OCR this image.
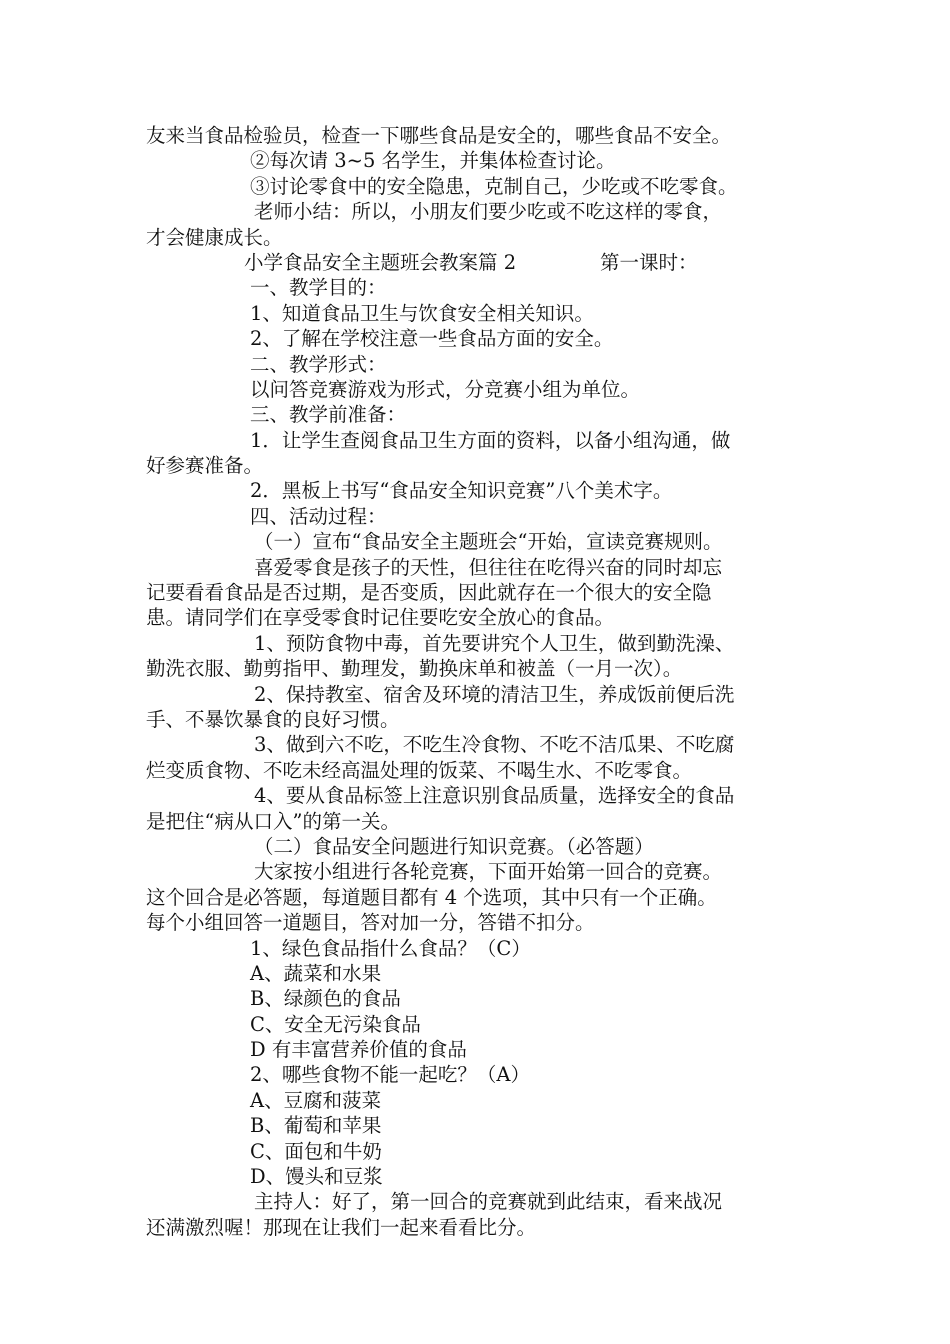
友来当食品检验员，检查一下哪些食品是安全的，哪些食品不安全。
②每次请 3~5 名学生，并集体检查讨论。
③讨论零食中的安全隐患，克制自己，少吃或不吃零食。
老师小结：所以，小朋友们要少吃或不吃这样的零食，
才会健康成长。
小学食品安全主题班会教案篇 2	第一课时：
一、教学目的：
1、知道食品卫生与饮食安全相关知识。
2、了解在学校注意一些食品方面的安全。
二、教学形式：
以问答竞赛游戏为形式，分竞赛小组为单位。
三、教学前准备：
1．让学生查阅食品卫生方面的资料，以备小组沟通，做
好参赛准备。
2．黑板上书写“食品安全知识竞赛”八个美术字。
四、活动过程：
（一）宣布“食品安全主题班会“开始，宣读竞赛规则。
喜爱零食是孩子的天性，但往往在吃得兴奋的同时却忘
记要看看食品是否过期，是否变质，因此就存在一个很大的安全隐
患。请同学们在享受零食时记住要吃安全放心的食品。
1、预防食物中毒，首先要讲究个人卫生，做到勤洗澡、
勤洗衣服、勤剪指甲、勤理发，勤换床单和被盖（一月一次）。
2、保持教室、宿舍及环境的清洁卫生，养成饭前便后洗
手、不暴饮暴食的良好习惯。
3、做到六不吃，不吃生冷食物、不吃不洁瓜果、不吃腐
烂变质食物、不吃未经高温处理的饭菜、不喝生水、不吃零食。
4、要从食品标签上注意识别食品质量，选择安全的食品
是把住“病从口入”的第一关。
（二）食品安全问题进行知识竞赛。（必答题）
大家按小组进行各轮竞赛，下面开始第一回合的竞赛。
这个回合是必答题，每道题目都有 4 个选项，其中只有一个正确。
每个小组回答一道题目，答对加一分，答错不扣分。
1、绿色食品指什么食品？（C）
A、蔬菜和水果
B、绿颜色的食品
C、安全无污染食品
D 有丰富营养价值的食品
2、哪些食物不能一起吃？（A）
A、豆腐和菠菜
B、葡萄和苹果
C、面包和牛奶
D、馒头和豆浆
主持人：好了，第一回合的竞赛就到此结束，看来战况
还满激烈喔！那现在让我们一起来看看比分。
